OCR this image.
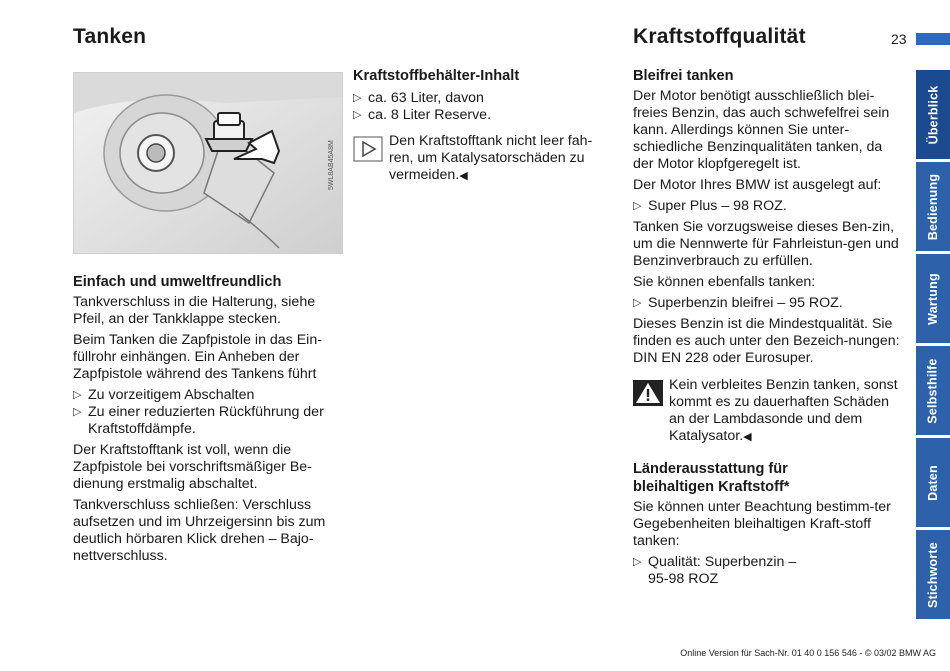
Tanken
5WL8AB45A8M
Einfach und umweltfreundlich

Tankverschluss in die Halterung, siehe Pfeil, an der Tankklappe stecken.

Beim Tanken die Zapfpistole in das Ein-füllrohr einhängen. Ein Anheben der Zapfpistole während des Tankens führt

▷ Zu vorzeitigem Abschalten
▷ Zu einer reduzierten Rückführung der Kraftstoffdämpfe.

Der Kraftstofftank ist voll, wenn die Zapfpistole bei vorschriftsmäßiger Be-dienung erstmalig abschaltet.

Tankverschluss schließen: Verschluss aufsetzen und im Uhrzeigersinn bis zum deutlich hörbaren Klick drehen – Bajo-nettverschluss.

Kraftstoffbehälter-Inhalt
▷ ca. 63 Liter, davon
▷ ca. 8 Liter Reserve.

Den Kraftstofftank nicht leer fah-ren, um Katalysatorschäden zu vermeiden.◀

Kraftstoffqualität	23
Bleifrei tanken

Der Motor benötigt ausschließlich blei-freies Benzin, das auch schwefelfrei sein kann. Allerdings können Sie unter-schiedliche Benzinqualitäten tanken, da der Motor klopfgeregelt ist.

Der Motor Ihres BMW ist ausgelegt auf:

▷ Super Plus – 98 ROZ.

Tanken Sie vorzugsweise dieses Ben-zin, um die Nennwerte für Fahrleistun-gen und Benzinverbrauch zu erfüllen.

Sie können ebenfalls tanken:

▷ Superbenzin bleifrei – 95 ROZ.

Dieses Benzin ist die Mindestqualität. Sie finden es auch unter den Bezeich-nungen: DIN EN 228 oder Eurosuper.

Kein verbleites Benzin tanken, sonst kommt es zu dauerhaften Schäden an der Lambdasonde und dem Katalysator.◀

Länderausstattung für
bleihaltigen Kraftstoff*

Sie können unter Beachtung bestimm-ter Gegebenheiten bleihaltigen Kraft-stoff tanken:

▷ Qualität: Superbenzin –
95-98 ROZ
Überblick
Bedienung
Wartung
Selbsthilfe
Daten
Stichworte
Online Version für Sach-Nr. 01 40 0 156 546 - © 03/02 BMW AG
